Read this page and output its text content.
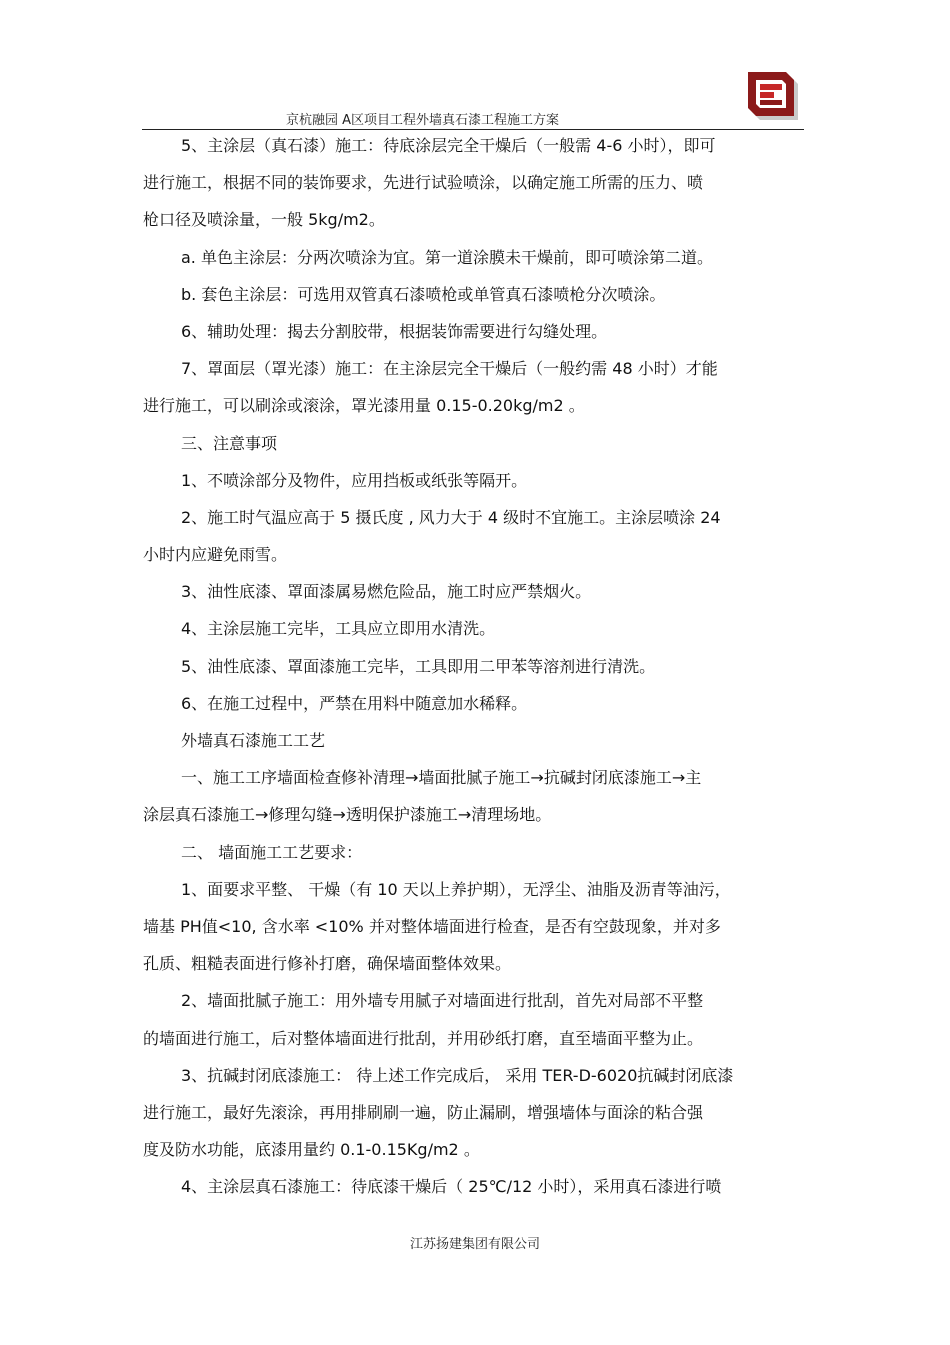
京杭融园 A区项目工程外墙真石漆工程施工方案
5、主涂层（真石漆）施工：待底涂层完全干燥后（一般需 4-6 小时），即可
进行施工，根据不同的装饰要求，先进行试验喷涂，以确定施工所需的压力、喷
枪口径及喷涂量，一般 5kg/m2。
a. 单色主涂层：分两次喷涂为宜。第一道涂膜未干燥前，即可喷涂第二道。
b. 套色主涂层：可选用双管真石漆喷枪或单管真石漆喷枪分次喷涂。
6、辅助处理：揭去分割胶带，根据装饰需要进行勾缝处理。
7、罩面层（罩光漆）施工：在主涂层完全干燥后（一般约需 48 小时）才能
进行施工，可以刷涂或滚涂，罩光漆用量 0.15-0.20kg/m2 。
三、注意事项
1、不喷涂部分及物件，应用挡板或纸张等隔开。
2、施工时气温应高于 5 摄氏度 , 风力大于 4 级时不宜施工。主涂层喷涂 24
小时内应避免雨雪。
3、油性底漆、罩面漆属易燃危险品，施工时应严禁烟火。
4、主涂层施工完毕，工具应立即用水清洗。
5、油性底漆、罩面漆施工完毕，工具即用二甲苯等溶剂进行清洗。
6、在施工过程中，严禁在用料中随意加水稀释。
外墙真石漆施工工艺
一、施工工序墙面检查修补清理→墙面批腻子施工→抗碱封闭底漆施工→主
涂层真石漆施工→修理勾缝→透明保护漆施工→清理场地。
二、 墙面施工工艺要求：
1、面要求平整、 干燥（有 10 天以上养护期），无浮尘、油脂及沥青等油污，
墙基 PH值<10, 含水率 <10% 并对整体墙面进行检查，是否有空鼓现象，并对多
孔质、粗糙表面进行修补打磨，确保墙面整体效果。
2、墙面批腻子施工：用外墙专用腻子对墙面进行批刮，首先对局部不平整
的墙面进行施工，后对整体墙面进行批刮，并用砂纸打磨，直至墙面平整为止。
3、抗碱封闭底漆施工： 待上述工作完成后， 采用 TER-D-6020抗碱封闭底漆
进行施工，最好先滚涂，再用排刷刷一遍，防止漏刷，增强墙体与面涂的粘合强
度及防水功能，底漆用量约 0.1-0.15Kg/m2 。
4、主涂层真石漆施工：待底漆干燥后（ 25℃/12 小时），采用真石漆进行喷
江苏扬建集团有限公司
